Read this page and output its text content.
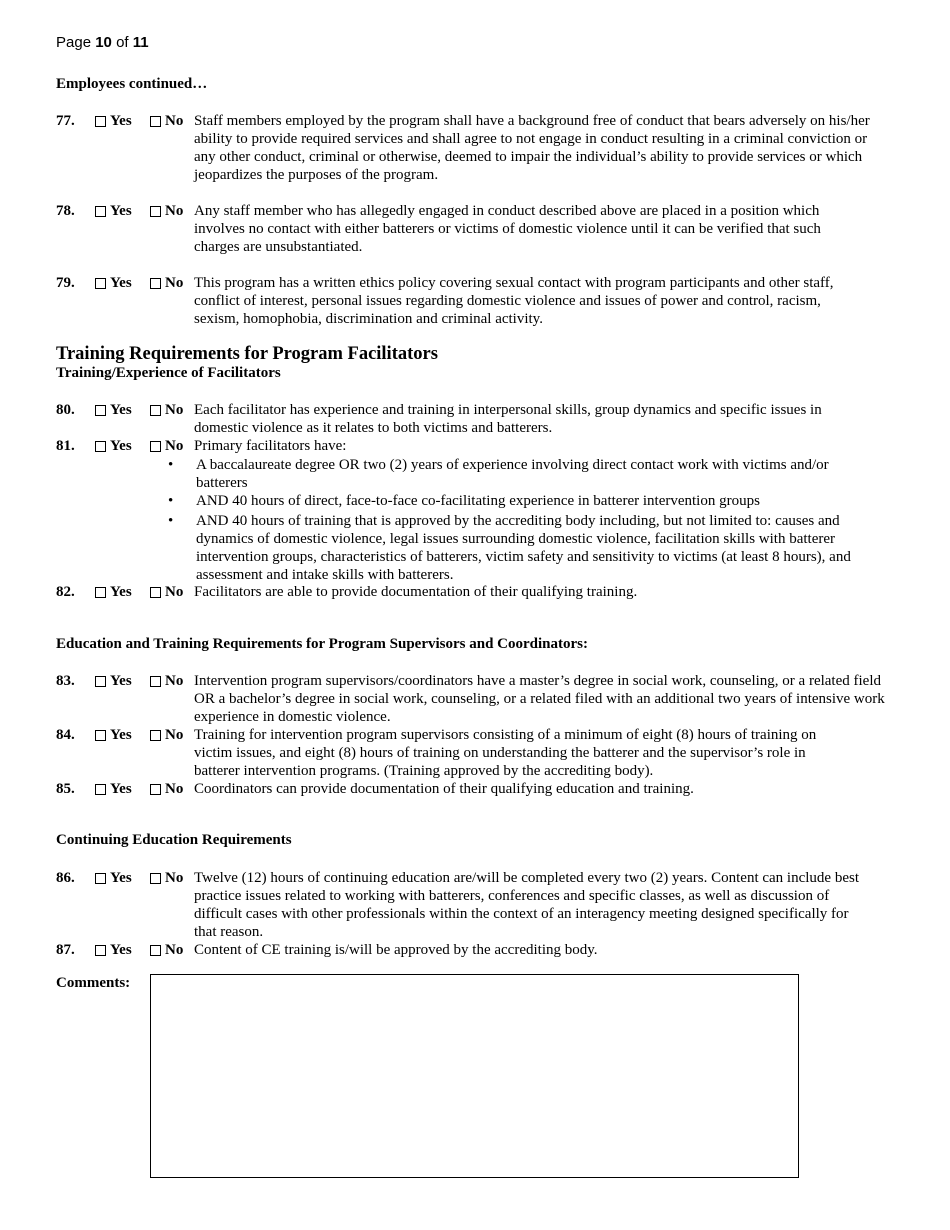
Page 10 of 11
Employees continued…
77. Yes No Staff members employed by the program shall have a background free of conduct that bears adversely on his/her ability to provide required services and shall agree to not engage in conduct resulting in a criminal conviction or any other conduct, criminal or otherwise, deemed to impair the individual’s ability to provide services or which jeopardizes the purposes of the program.
78. Yes No Any staff member who has allegedly engaged in conduct described above are placed in a position which involves no contact with either batterers or victims of domestic violence until it can be verified that such charges are unsubstantiated.
79. Yes No This program has a written ethics policy covering sexual contact with program participants and other staff, conflict of interest, personal issues regarding domestic violence and issues of power and control, racism, sexism, homophobia, discrimination and criminal activity.
Training Requirements for Program Facilitators
Training/Experience of Facilitators
80. Yes No Each facilitator has experience and training in interpersonal skills, group dynamics and specific issues in domestic violence as it relates to both victims and batterers.
81. Yes No Primary facilitators have:
• A baccalaureate degree OR two (2) years of experience involving direct contact work with victims and/or batterers
• AND 40 hours of direct, face-to-face co-facilitating experience in batterer intervention groups
• AND 40 hours of training that is approved by the accrediting body including, but not limited to: causes and dynamics of domestic violence, legal issues surrounding domestic violence, facilitation skills with batterer intervention groups, characteristics of batterers, victim safety and sensitivity to victims (at least 8 hours), and assessment and intake skills with batterers.
82. Yes No Facilitators are able to provide documentation of their qualifying training.
Education and Training Requirements for Program Supervisors and Coordinators:
83. Yes No Intervention program supervisors/coordinators have a master’s degree in social work, counseling, or a related field OR a bachelor’s degree in social work, counseling, or a related filed with an additional two years of intensive work experience in domestic violence.
84. Yes No Training for intervention program supervisors consisting of a minimum of eight (8) hours of training on victim issues, and eight (8) hours of training on understanding the batterer and the supervisor’s role in batterer intervention programs. (Training approved by the accrediting body).
85. Yes No Coordinators can provide documentation of their qualifying education and training.
Continuing Education Requirements
86. Yes No Twelve (12) hours of continuing education are/will be completed every two (2) years. Content can include best practice issues related to working with batterers, conferences and specific classes, as well as discussion of difficult cases with other professionals within the context of an interagency meeting designed specifically for that reason.
87. Yes No Content of CE training is/will be approved by the accrediting body.
Comments:
